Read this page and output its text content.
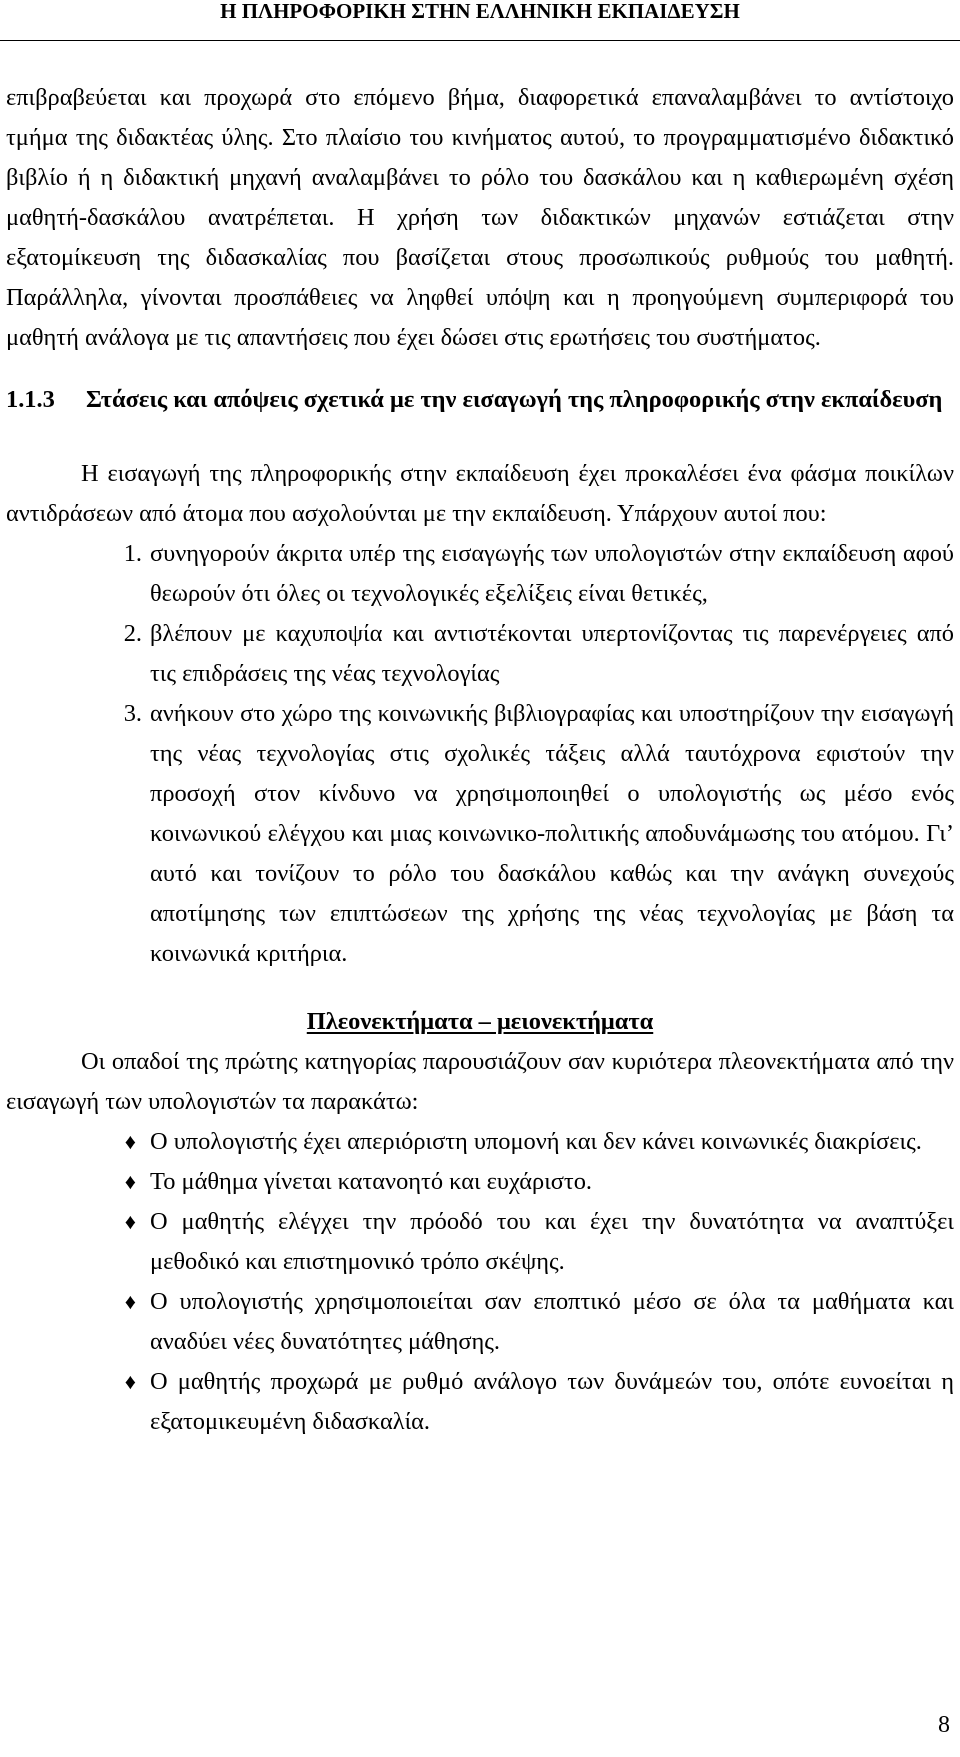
Η ΠΛΗΡΟΦΟΡΙΚΗ ΣΤΗΝ ΕΛΛΗΝΙΚΗ ΕΚΠΑΙΔΕΥΣΗ

επιβραβεύεται και προχωρά στο επόμενο βήμα, διαφορετικά επαναλαμβάνει το αντίστοιχο τμήμα της διδακτέας ύλης. Στο πλαίσιο του κινήματος αυτού, το προγραμματισμένο διδακτικό βιβλίο ή η διδακτική μηχανή αναλαμβάνει το ρόλο του δασκάλου και η καθιερωμένη σχέση μαθητή-δασκάλου ανατρέπεται. Η χρήση των διδακτικών μηχανών εστιάζεται στην εξατομίκευση της διδασκαλίας που βασίζεται στους προσωπικούς ρυθμούς του μαθητή. Παράλληλα, γίνονται προσπάθειες να ληφθεί υπόψη και η προηγούμενη συμπεριφορά του μαθητή ανάλογα με τις απαντήσεις που έχει δώσει στις ερωτήσεις του συστήματος.

1.1.3	Στάσεις και απόψεις σχετικά με την εισαγωγή της πληροφορικής στην εκπαίδευση

Η εισαγωγή της πληροφορικής στην εκπαίδευση έχει προκαλέσει ένα φάσμα ποικίλων αντιδράσεων από άτομα που ασχολούνται με την εκπαίδευση. Υπάρχουν αυτοί που:

1. συνηγορούν άκριτα υπέρ της εισαγωγής των υπολογιστών στην εκπαίδευση αφού θεωρούν ότι όλες οι τεχνολογικές εξελίξεις είναι θετικές,
2. βλέπουν με καχυποψία και αντιστέκονται υπερτονίζοντας τις παρενέργειες από τις επιδράσεις της νέας τεχνολογίας
3. ανήκουν στο χώρο της κοινωνικής βιβλιογραφίας και υποστηρίζουν την εισαγωγή της νέας τεχνολογίας στις σχολικές τάξεις αλλά ταυτόχρονα εφιστούν την προσοχή στον κίνδυνο να χρησιμοποιηθεί ο υπολογιστής ως μέσο ενός κοινωνικού ελέγχου και μιας κοινωνικο-πολιτικής αποδυνάμωσης του ατόμου. Γι’ αυτό και τονίζουν το ρόλο του δασκάλου καθώς και την ανάγκη συνεχούς αποτίμησης των επιπτώσεων της χρήσης της νέας τεχνολογίας με βάση τα κοινωνικά κριτήρια.

Πλεονεκτήματα – μειονεκτήματα

Οι οπαδοί της πρώτης κατηγορίας παρουσιάζουν σαν κυριότερα πλεονεκτήματα από την εισαγωγή των υπολογιστών τα παρακάτω:

♦ Ο υπολογιστής έχει απεριόριστη υπομονή και δεν κάνει κοινωνικές διακρίσεις.
♦ Το μάθημα γίνεται κατανοητό και ευχάριστο.
♦ Ο μαθητής ελέγχει την πρόοδό του και έχει την δυνατότητα να αναπτύξει μεθοδικό και επιστημονικό τρόπο σκέψης.
♦ Ο υπολογιστής χρησιμοποιείται σαν εποπτικό μέσο σε όλα τα μαθήματα και αναδύει νέες δυνατότητες μάθησης.
♦ Ο μαθητής προχωρά με ρυθμό ανάλογο των δυνάμεών του, οπότε ευνοείται η εξατομικευμένη διδασκαλία.
8
